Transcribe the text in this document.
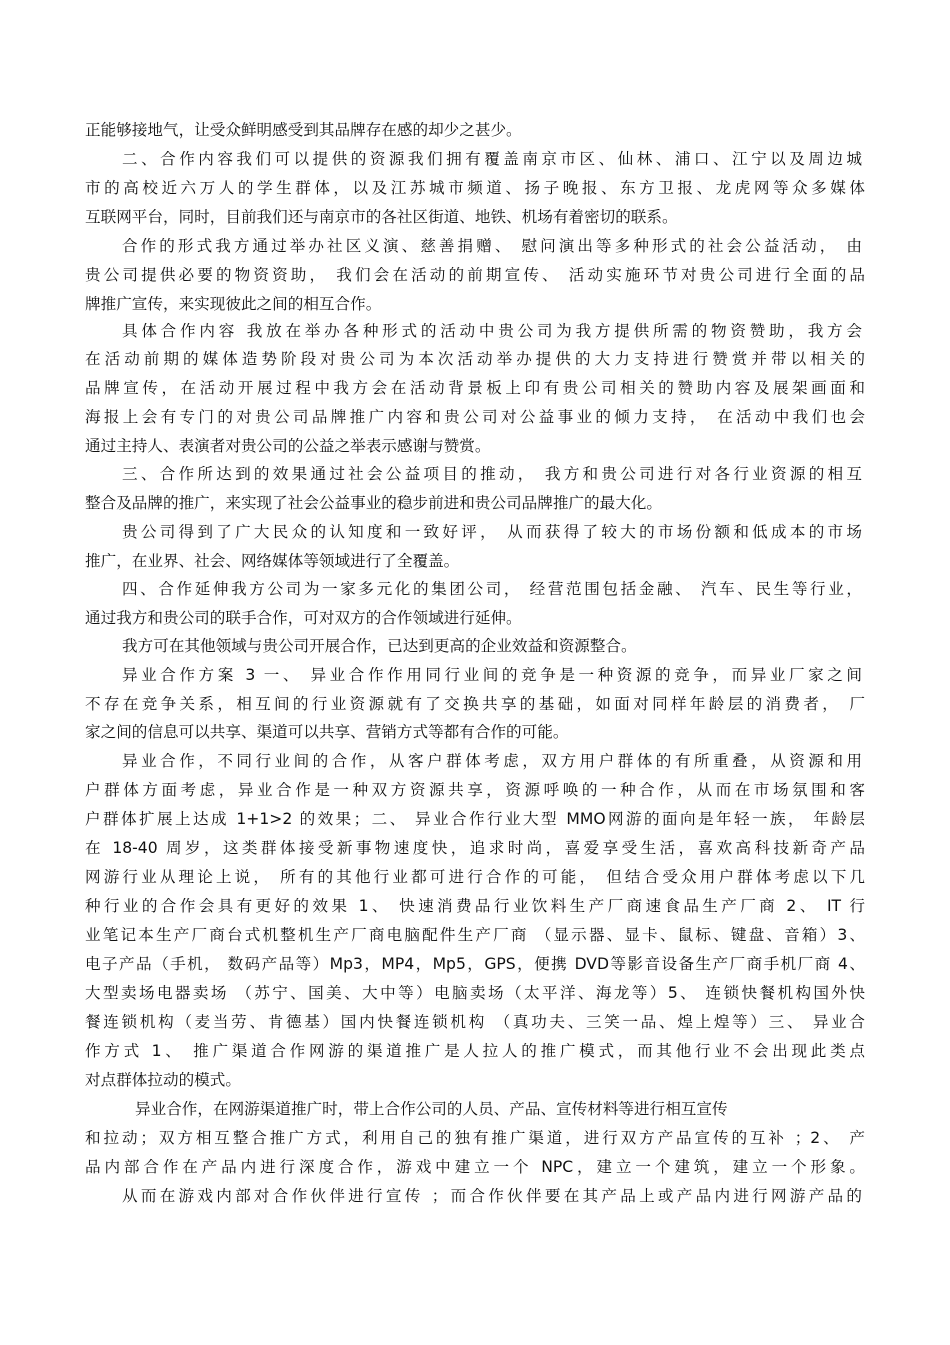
正能够接地气，让受众鲜明感受到其品牌存在感的却少之甚少。
二、合作内容我们可以提供的资源我们拥有覆盖南京市区、仙林、浦口、江宁以及周边城
市的高校近六万人的学生群体，以及江苏城市频道、扬子晚报、东方卫报、龙虎网等众多媒体
互联网平台，同时，目前我们还与南京市的各社区街道、地铁、机场有着密切的联系。
合作的形式我方通过举办社区义演、慈善捐赠、 慰问演出等多种形式的社会公益活动， 由
贵公司提供必要的物资资助， 我们会在活动的前期宣传、 活动实施环节对贵公司进行全面的品
牌推广宣传，来实现彼此之间的相互合作。
具体合作内容 我放在举办各种形式的活动中贵公司为我方提供所需的物资赞助，我方会
在活动前期的媒体造势阶段对贵公司为本次活动举办提供的大力支持进行赞赏并带以相关的
品牌宣传，在活动开展过程中我方会在活动背景板上印有贵公司相关的赞助内容及展架画面和
海报上会有专门的对贵公司品牌推广内容和贵公司对公益事业的倾力支持， 在活动中我们也会
通过主持人、表演者对贵公司的公益之举表示感谢与赞赏。
三、合作所达到的效果通过社会公益项目的推动， 我方和贵公司进行对各行业资源的相互
整合及品牌的推广，来实现了社会公益事业的稳步前进和贵公司品牌推广的最大化。
贵公司得到了广大民众的认知度和一致好评， 从而获得了较大的市场份额和低成本的市场
推广，在业界、社会、网络媒体等领域进行了全覆盖。
四、合作延伸我方公司为一家多元化的集团公司， 经营范围包括金融、 汽车、民生等行业，
通过我方和贵公司的联手合作，可对双方的合作领域进行延伸。
我方可在其他领域与贵公司开展合作，已达到更高的企业效益和资源整合。
异业合作方案 3 一、 异业合作作用同行业间的竞争是一种资源的竞争，而异业厂家之间
不存在竞争关系，相互间的行业资源就有了交换共享的基础，如面对同样年龄层的消费者， 厂
家之间的信息可以共享、渠道可以共享、营销方式等都有合作的可能。
异业合作，不同行业间的合作，从客户群体考虑，双方用户群体的有所重叠，从资源和用
户群体方面考虑，异业合作是一种双方资源共享，资源呼唤的一种合作，从而在市场氛围和客
户群体扩展上达成 1+1>2 的效果；二、 异业合作行业大型 MMO网游的面向是年轻一族， 年龄层
在 18-40 周岁，这类群体接受新事物速度快，追求时尚，喜爱享受生活，喜欢高科技新奇产品
网游行业从理论上说， 所有的其他行业都可进行合作的可能， 但结合受众用户群体考虑以下几
种行业的合作会具有更好的效果 1、 快速消费品行业饮料生产厂商速食品生产厂商 2、 IT 行
业笔记本生产厂商台式机整机生产厂商电脑配件生产厂商 （显示器、显卡、鼠标、键盘、音箱）3、
电子产品（手机， 数码产品等）Mp3，MP4，Mp5，GPS，便携 DVD等影音设备生产厂商手机厂商 4、
大型卖场电器卖场 （苏宁、国美、大中等）电脑卖场（太平洋、海龙等）5、 连锁快餐机构国外快
餐连锁机构（麦当劳、肯德基）国内快餐连锁机构 （真功夫、三笑一品、煌上煌等）三、 异业合
作方式 1、 推广渠道合作网游的渠道推广是人拉人的推广模式，而其他行业不会出现此类点
对点群体拉动的模式。
异业合作，在网游渠道推广时，带上合作公司的人员、产品、宣传材料等进行相互宣传
和拉动；双方相互整合推广方式，利用自己的独有推广渠道，进行双方产品宣传的互补 ；2、 产
品内部合作在产品内进行深度合作，游戏中建立一个 NPC，建立一个建筑，建立一个形象。
从而在游戏内部对合作伙伴进行宣传 ；而合作伙伴要在其产品上或产品内进行网游产品的
